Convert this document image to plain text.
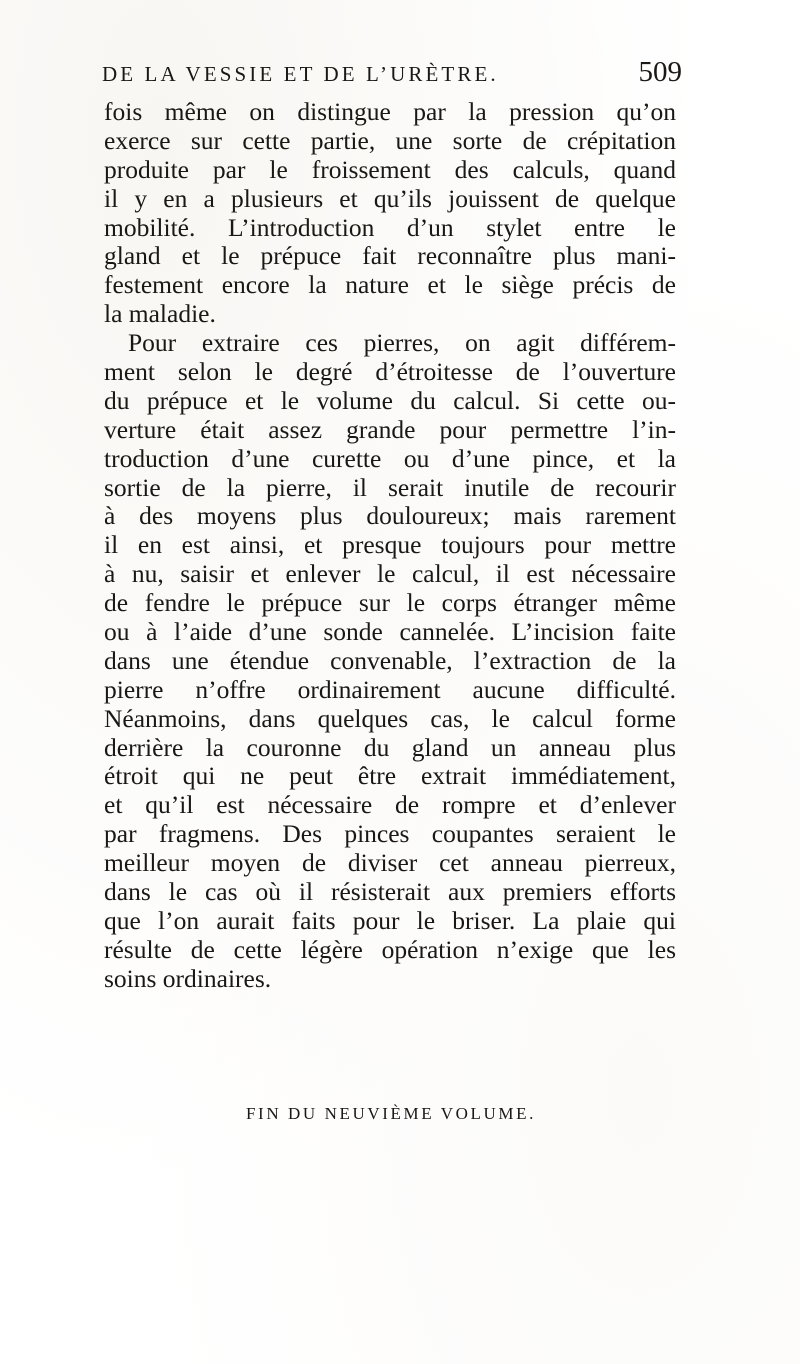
DE LA VESSIE ET DE L’URÈTRE.	509
fois même on distingue par la pression qu’on
exerce sur cette partie, une sorte de crépitation
produite par le froissement des calculs, quand
il y en a plusieurs et qu’ils jouissent de quelque
mobilité. L’introduction d’un stylet entre le
gland et le prépuce fait reconnaître plus mani-
festement encore la nature et le siège précis de
la maladie.
Pour extraire ces pierres, on agit différem-
ment selon le degré d’étroitesse de l’ouverture
du prépuce et le volume du calcul. Si cette ou-
verture était assez grande pour permettre l’in-
troduction d’une curette ou d’une pince, et la
sortie de la pierre, il serait inutile de recourir
à des moyens plus douloureux; mais rarement
il en est ainsi, et presque toujours pour mettre
à nu, saisir et enlever le calcul, il est nécessaire
de fendre le prépuce sur le corps étranger même
ou à l’aide d’une sonde cannelée. L’incision faite
dans une étendue convenable, l’extraction de la
pierre n’offre ordinairement aucune difficulté.
Néanmoins, dans quelques cas, le calcul forme
derrière la couronne du gland un anneau plus
étroit qui ne peut être extrait immédiatement,
et qu’il est nécessaire de rompre et d’enlever
par fragmens. Des pinces coupantes seraient le
meilleur moyen de diviser cet anneau pierreux,
dans le cas où il résisterait aux premiers efforts
que l’on aurait faits pour le briser. La plaie qui
résulte de cette légère opération n’exige que les
soins ordinaires.
FIN DU NEUVIÈME VOLUME.
